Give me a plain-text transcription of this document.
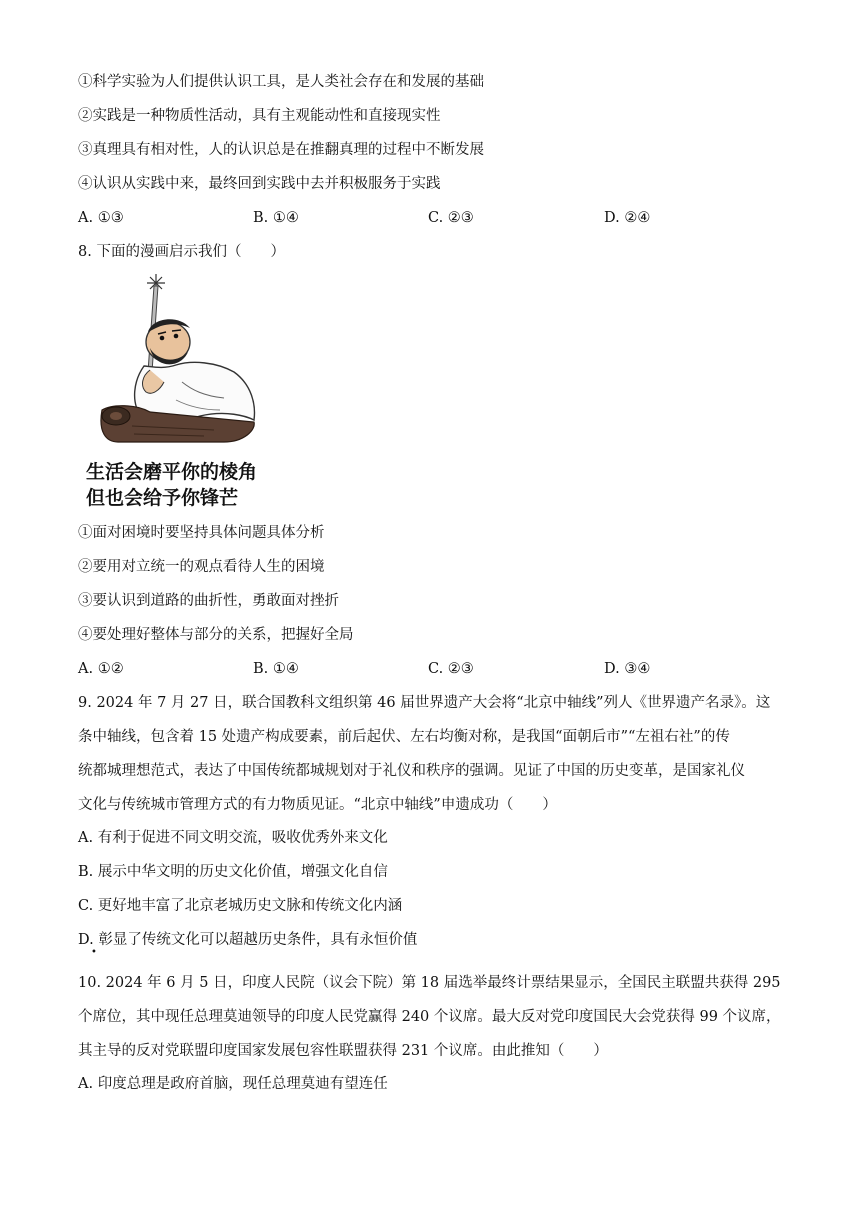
①科学实验为人们提供认识工具，是人类社会存在和发展的基础
②实践是一种物质性活动，具有主观能动性和直接现实性
③真理具有相对性，人的认识总是在推翻真理的过程中不断发展
④认识从实践中来，最终回到实践中去并积极服务于实践
A. ①③	B. ①④	C. ②③	D. ②④
8. 下面的漫画启示我们（　　）
生活会磨平你的棱角
但也会给予你锋芒
①面对困境时要坚持具体问题具体分析
②要用对立统一的观点看待人生的困境
③要认识到道路的曲折性，勇敢面对挫折
④要处理好整体与部分的关系，把握好全局
A. ①②	B. ①④	C. ②③	D. ③④
9. 2024 年 7 月 27 日，联合国教科文组织第 46 届世界遗产大会将“北京中轴线”列人《世界遗产名录》。这
条中轴线，包含着 15 处遗产构成要素，前后起伏、左右均衡对称，是我国“面朝后市”“左祖右社”的传
统都城理想范式，表达了中国传统都城规划对于礼仪和秩序的强调。见证了中国的历史变革，是国家礼仪
文化与传统城市管理方式的有力物质见证。“北京中轴线”申遗成功（　　）
A. 有利于促进不同文明交流，吸收优秀外来文化
B. 展示中华文明的历史文化价值，增强文化自信
C. 更好地丰富了北京老城历史文脉和传统文化内涵
D. 彰显了传统文化可以超越历史条件，具有永恒价值
•
10. 2024 年 6 月 5 日，印度人民院（议会下院）第 18 届选举最终计票结果显示，全国民主联盟共获得 295
个席位，其中现任总理莫迪领导的印度人民党赢得 240 个议席。最大反对党印度国民大会党获得 99 个议席，
其主导的反对党联盟印度国家发展包容性联盟获得 231 个议席。由此推知（　　）
A. 印度总理是政府首脑，现任总理莫迪有望连任
